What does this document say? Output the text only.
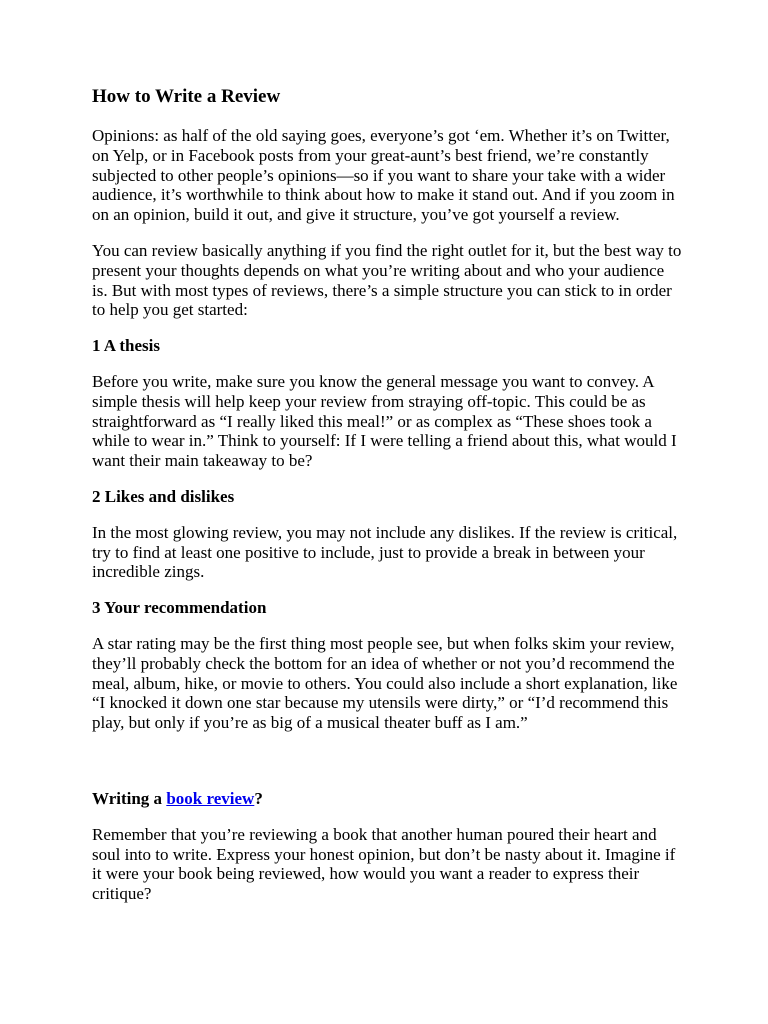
How to Write a Review

Opinions: as half of the old saying goes, everyone’s got ‘em. Whether it’s on Twitter, on Yelp, or in Facebook posts from your great-aunt’s best friend, we’re constantly subjected to other people’s opinions—so if you want to share your take with a wider audience, it’s worthwhile to think about how to make it stand out. And if you zoom in on an opinion, build it out, and give it structure, you’ve got yourself a review.

You can review basically anything if you find the right outlet for it, but the best way to present your thoughts depends on what you’re writing about and who your audience is. But with most types of reviews, there’s a simple structure you can stick to in order to help you get started:

1 A thesis

Before you write, make sure you know the general message you want to convey. A simple thesis will help keep your review from straying off-topic. This could be as straightforward as “I really liked this meal!” or as complex as “These shoes took a while to wear in.” Think to yourself: If I were telling a friend about this, what would I want their main takeaway to be?

2 Likes and dislikes

In the most glowing review, you may not include any dislikes. If the review is critical, try to find at least one positive to include, just to provide a break in between your incredible zings.

3 Your recommendation

A star rating may be the first thing most people see, but when folks skim your review, they’ll probably check the bottom for an idea of whether or not you’d recommend the meal, album, hike, or movie to others. You could also include a short explanation, like “I knocked it down one star because my utensils were dirty,” or “I’d recommend this play, but only if you’re as big of a musical theater buff as I am.”

Writing a book review?

Remember that you’re reviewing a book that another human poured their heart and soul into to write. Express your honest opinion, but don’t be nasty about it. Imagine if it were your book being reviewed, how would you want a reader to express their critique?
